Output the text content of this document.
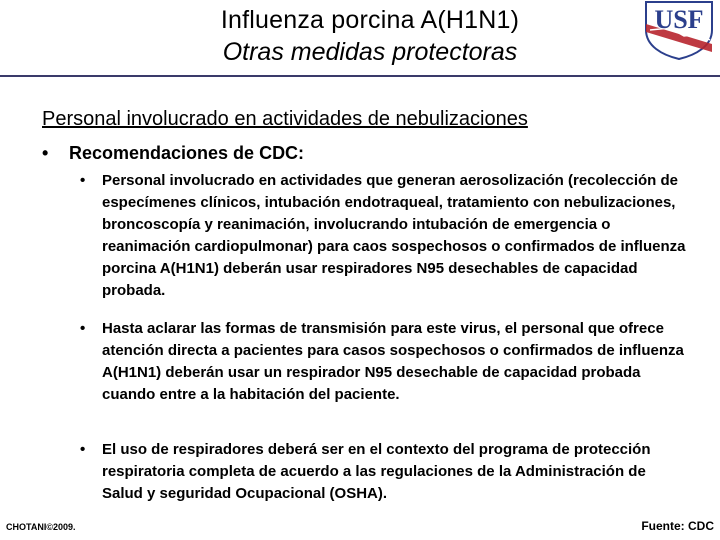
Influenza porcina A(H1N1)
Otras medidas protectoras
USF
Personal involucrado en actividades de nebulizaciones
• Recomendaciones de CDC:
• Personal involucrado en actividades que generan aerosolización (recolección de especímenes clínicos, intubación endotraqueal, tratamiento con nebulizaciones, broncoscopía y reanimación, involucrando intubación de emergencia o reanimación cardiopulmonar) para caos sospechosos o confirmados de influenza porcina A(H1N1) deberán usar respiradores N95 desechables de capacidad probada.
• Hasta aclarar las formas de transmisión para este virus, el personal que ofrece atención directa a pacientes para casos sospechosos o confirmados de influenza A(H1N1) deberán usar un respirador N95 desechable de capacidad probada cuando entre a la habitación del paciente.
• El uso de respiradores deberá ser en el contexto del programa de protección respiratoria completa de acuerdo a las regulaciones de la Administración de Salud y seguridad Ocupacional (OSHA).
CHOTANI©2009.	Fuente: CDC
